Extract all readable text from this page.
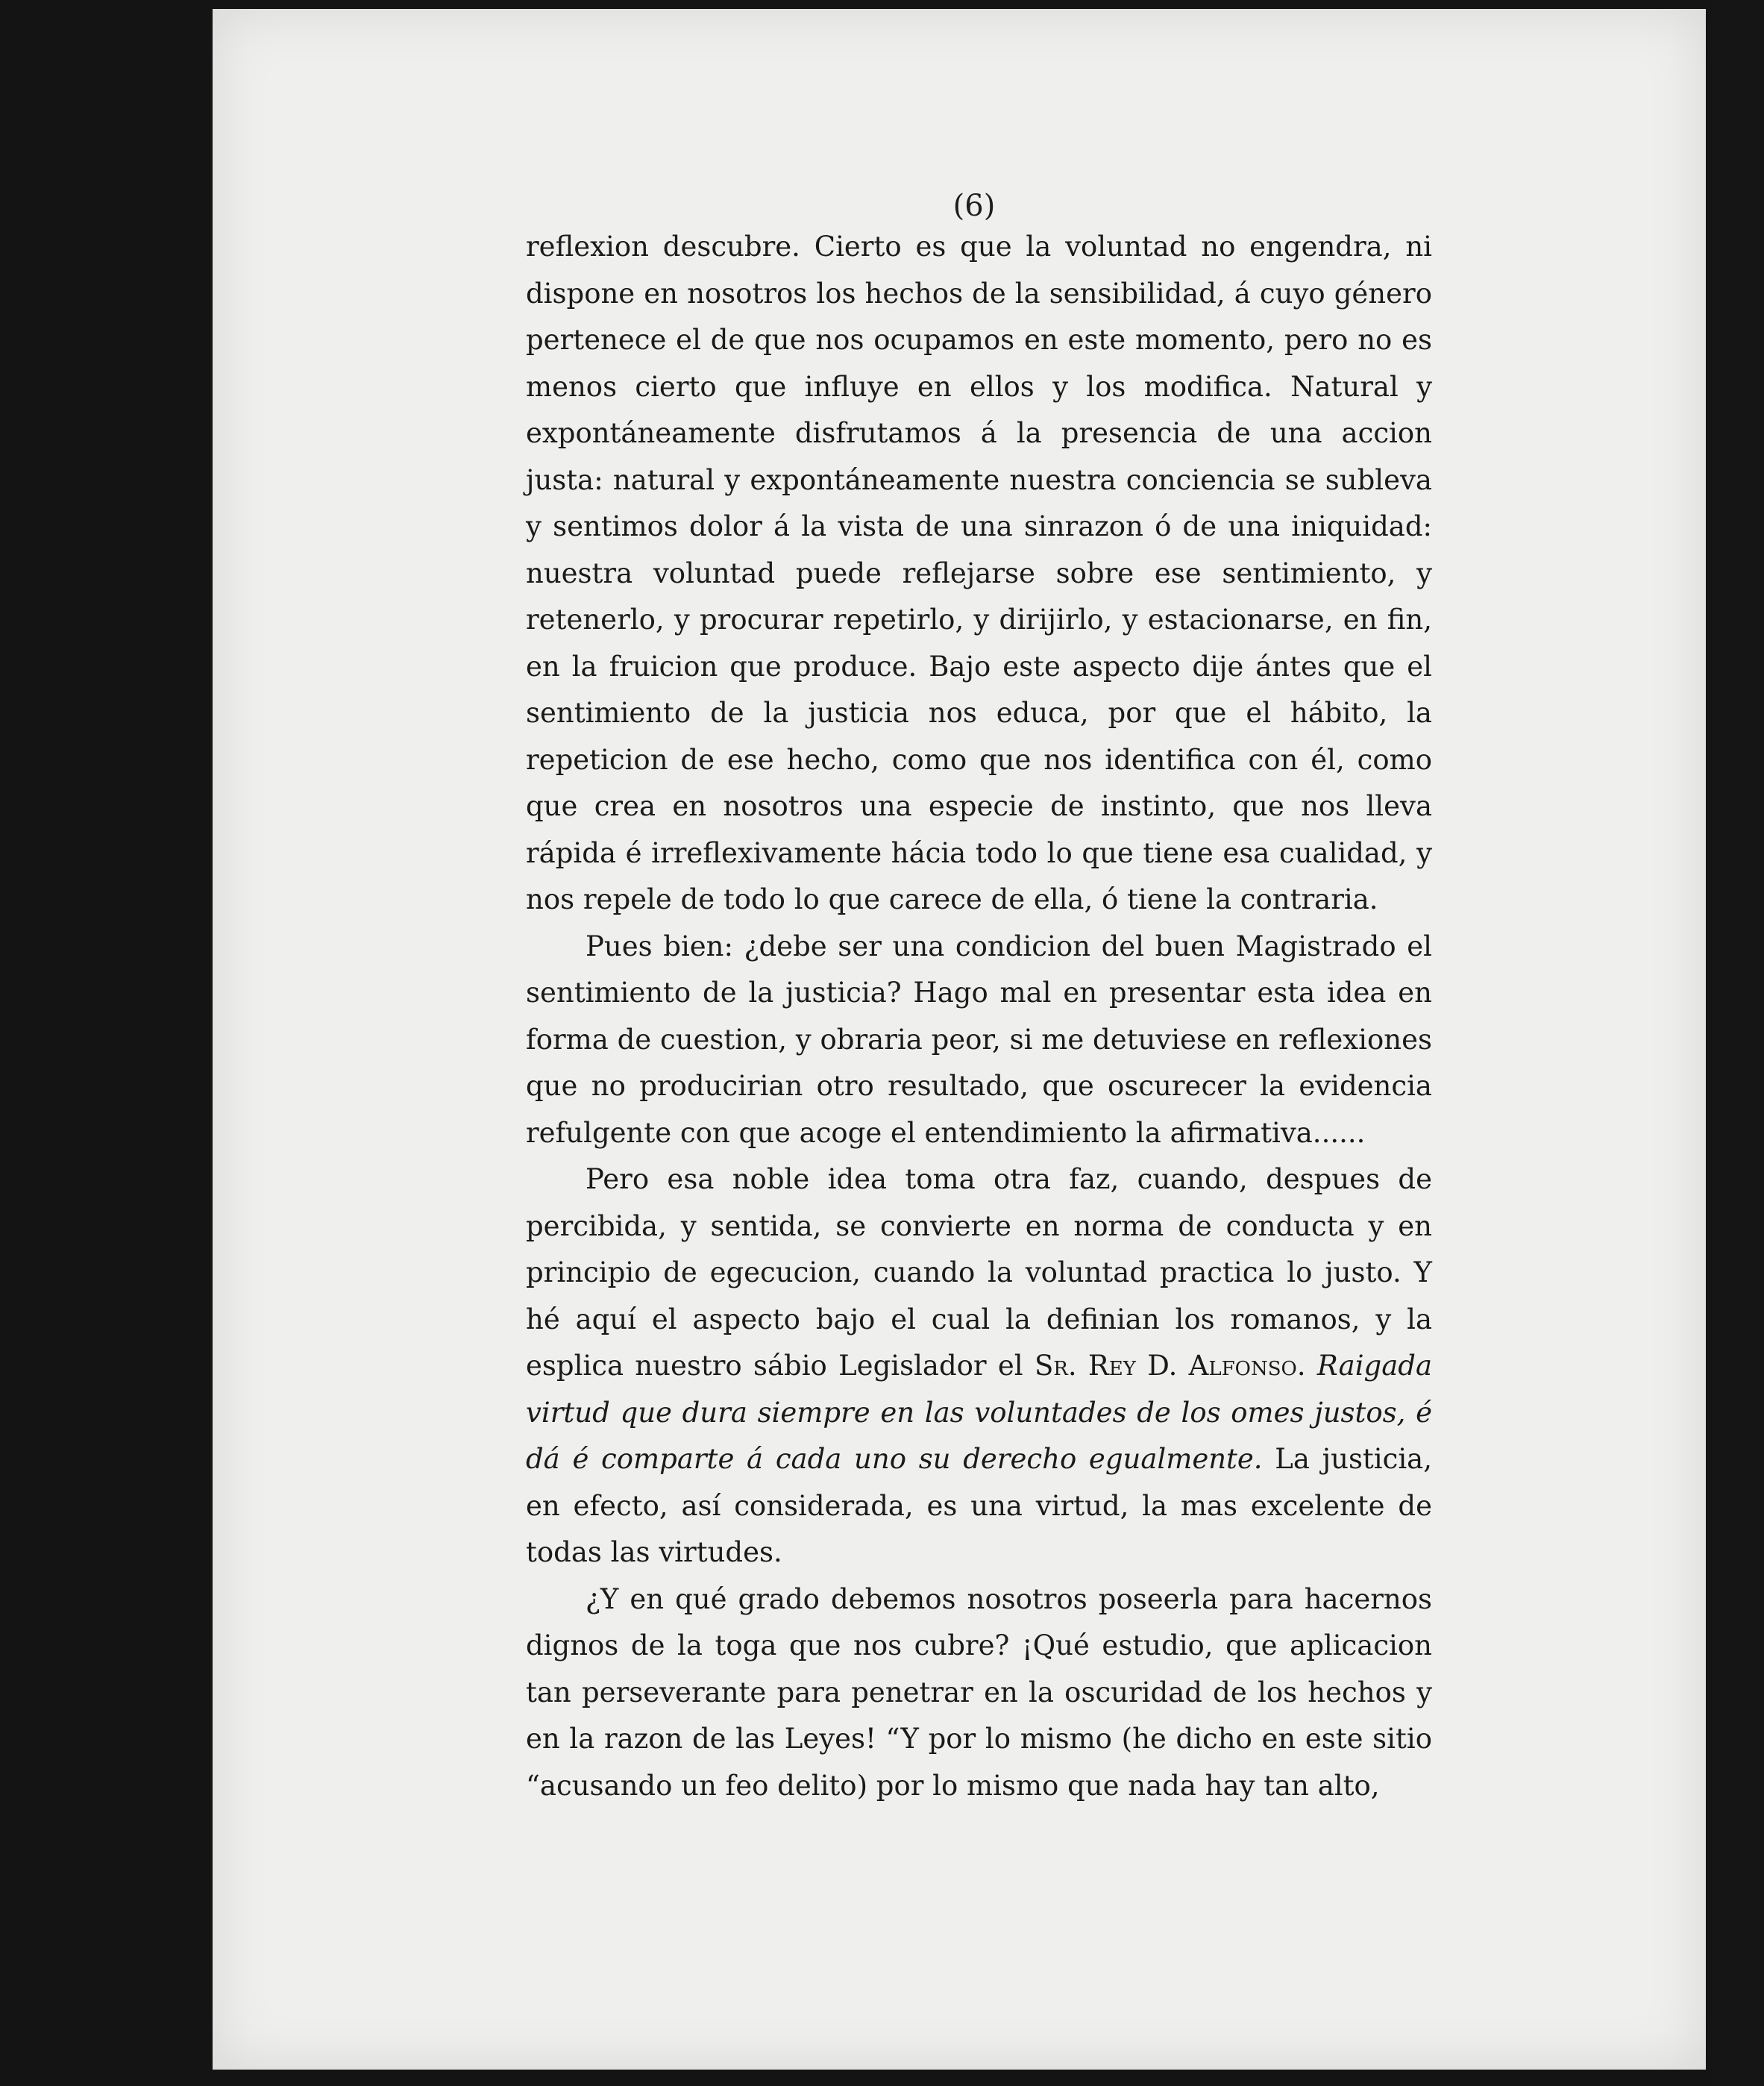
(6)

reflexion descubre. Cierto es que la voluntad no engendra, ni dispone en nosotros los hechos de la sensibilidad, á cuyo género pertenece el de que nos ocupamos en este momento, pero no es menos cierto que influye en ellos y los modifica. Natural y expontáneamente disfrutamos á la presencia de una accion justa: natural y expontáneamente nuestra conciencia se subleva y sentimos dolor á la vista de una sinrazon ó de una iniquidad: nuestra voluntad puede reflejarse sobre ese sentimiento, y retenerlo, y procurar repetirlo, y dirijirlo, y estacionarse, en fin, en la fruicion que produce. Bajo este aspecto dije ántes que el sentimiento de la justicia nos educa, por que el hábito, la repeticion de ese hecho, como que nos identifica con él, como que crea en nosotros una especie de instinto, que nos lleva rápida é irreflexivamente hácia todo lo que tiene esa cualidad, y nos repele de todo lo que carece de ella, ó tiene la contraria.

Pues bien: ¿debe ser una condicion del buen Magistrado el sentimiento de la justicia? Hago mal en presentar esta idea en forma de cuestion, y obraria peor, si me detuviese en reflexiones que no producirian otro resultado, que oscurecer la evidencia refulgente con que acoge el entendimiento la afirmativa......

Pero esa noble idea toma otra faz, cuando, despues de percibida, y sentida, se convierte en norma de conducta y en principio de egecucion, cuando la voluntad practica lo justo. Y hé aquí el aspecto bajo el cual la definian los romanos, y la esplica nuestro sábio Legislador el Sr. Rey D. Alfonso. Raigada virtud que dura siempre en las voluntades de los omes justos, é dá é comparte á cada uno su derecho egualmente. La justicia, en efecto, así considerada, es una virtud, la mas excelente de todas las virtudes.

¿Y en qué grado debemos nosotros poseerla para hacernos dignos de la toga que nos cubre? ¡Qué estudio, que aplicacion tan perseverante para penetrar en la oscuridad de los hechos y en la razon de las Leyes! “Y por lo mismo (he dicho en este sitio “acusando un feo delito) por lo mismo que nada hay tan alto,
